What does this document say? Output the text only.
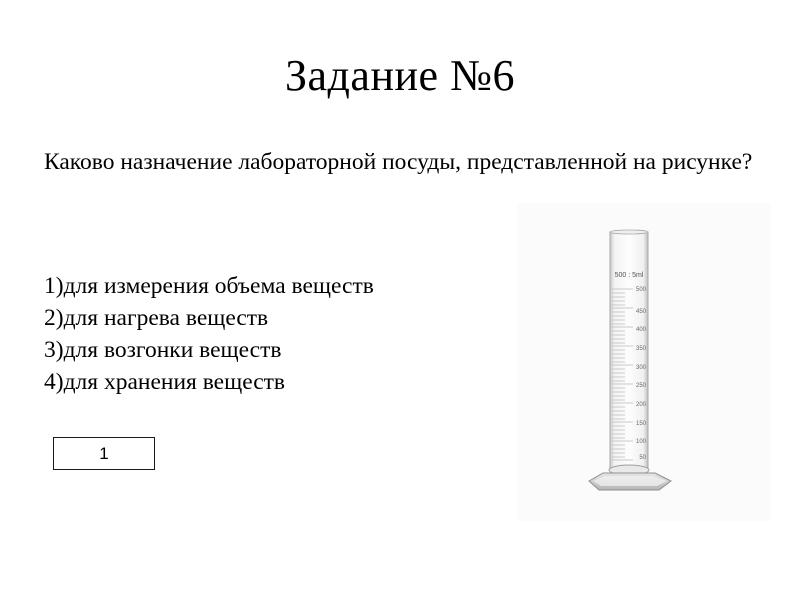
Задание №6
Каково назначение лабораторной посуды, представленной на рисунке?
1)для измерения объема веществ
2)для нагрева веществ
3)для возгонки веществ
4)для хранения веществ
1
500 : 5ml
500
450
400
350
300
250
200
150
100
50
